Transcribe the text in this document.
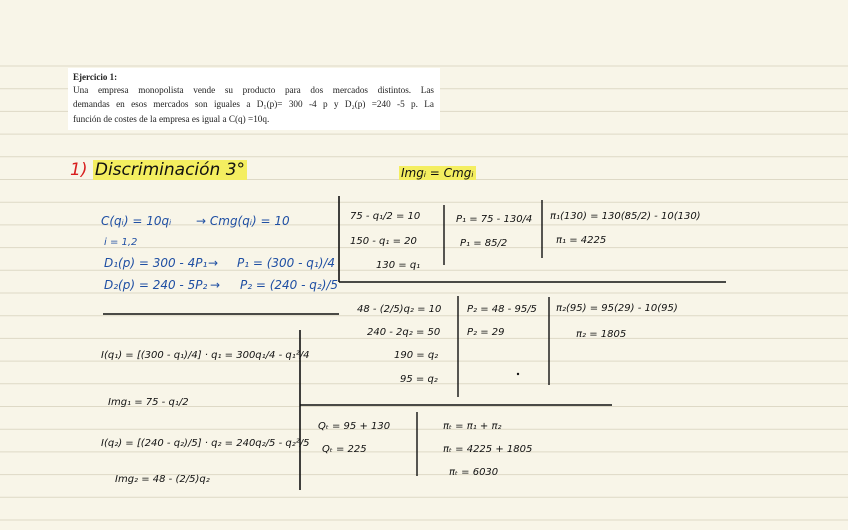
Ejercicio 1:
Una empresa monopolista vende su producto para dos mercados distintos. Las
demandas en esos mercados son iguales a D₁(p)= 300 -4 p y D₂(p) =240 -5 p. La
función de costes de la empresa es igual a C(q) =10q.
1) Discriminación 3°	Imgᵢ = Cmgᵢ
C(qᵢ) = 10qᵢ → Cmg(qᵢ) = 10
i = 1,2
D₁(p) = 300 - 4P₁ → P₁ = (300 - q₁)/4
D₂(p) = 240 - 5P₂ → P₂ = (240 - q₂)/5
I(q₁) = [(300 - q₁)/4] · q₁ = 300q₁/4 - q₁²/4
Img₁ = 75 - q₁/2
I(q₂) = [(240 - q₂)/5] · q₂ = 240q₂/5 - q₂²/5
Img₂ = 48 - (2/5)q₂
75 - q₁/2 = 10
150 - q₁ = 20
130 = q₁
P₁ = 75 - 130/4
P₁ = 85/2
π₁(130) = 130(85/2) - 10(130)
π₁ = 4225
48 - (2/5)q₂ = 10
240 - 2q₂ = 50
190 = q₂
95 = q₂
P₂ = 48 - 95/5
P₂ = 29
π₂(95) = 95(29) - 10(95)
π₂ = 1805
Qₜ = 95 + 130
Qₜ = 225
πₜ = π₁ + π₂
πₜ = 4225 + 1805
πₜ = 6030
